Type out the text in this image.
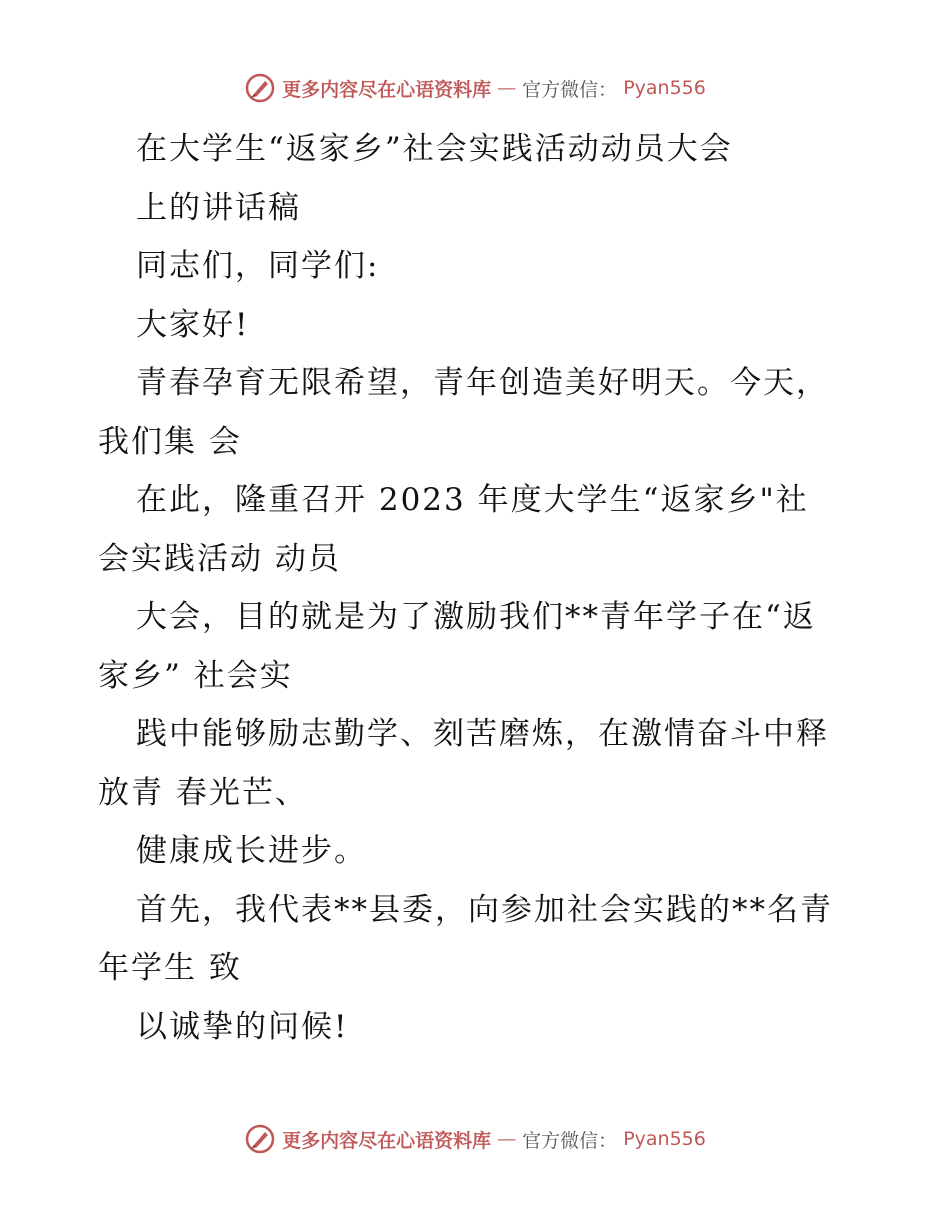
更多内容尽在心语资料库 — 官方微信： Pyan556
在大学生“返家乡”社会实践活动动员大会
上的讲话稿
同志们，同学们:
大家好!
青春孕育无限希望，青年创造美好明天。今天，
我们集 会
在此，隆重召开 2023 年度大学生“返家乡"社
会实践活动 动员
大会，目的就是为了激励我们**青年学子在“返
家乡” 社会实
践中能够励志勤学、刻苦磨炼，在激情奋斗中释
放青 春光芒、
健康成长进步。
首先，我代表**县委，向参加社会实践的**名青
年学生 致
以诚挚的问候!
更多内容尽在心语资料库 — 官方微信： Pyan556
